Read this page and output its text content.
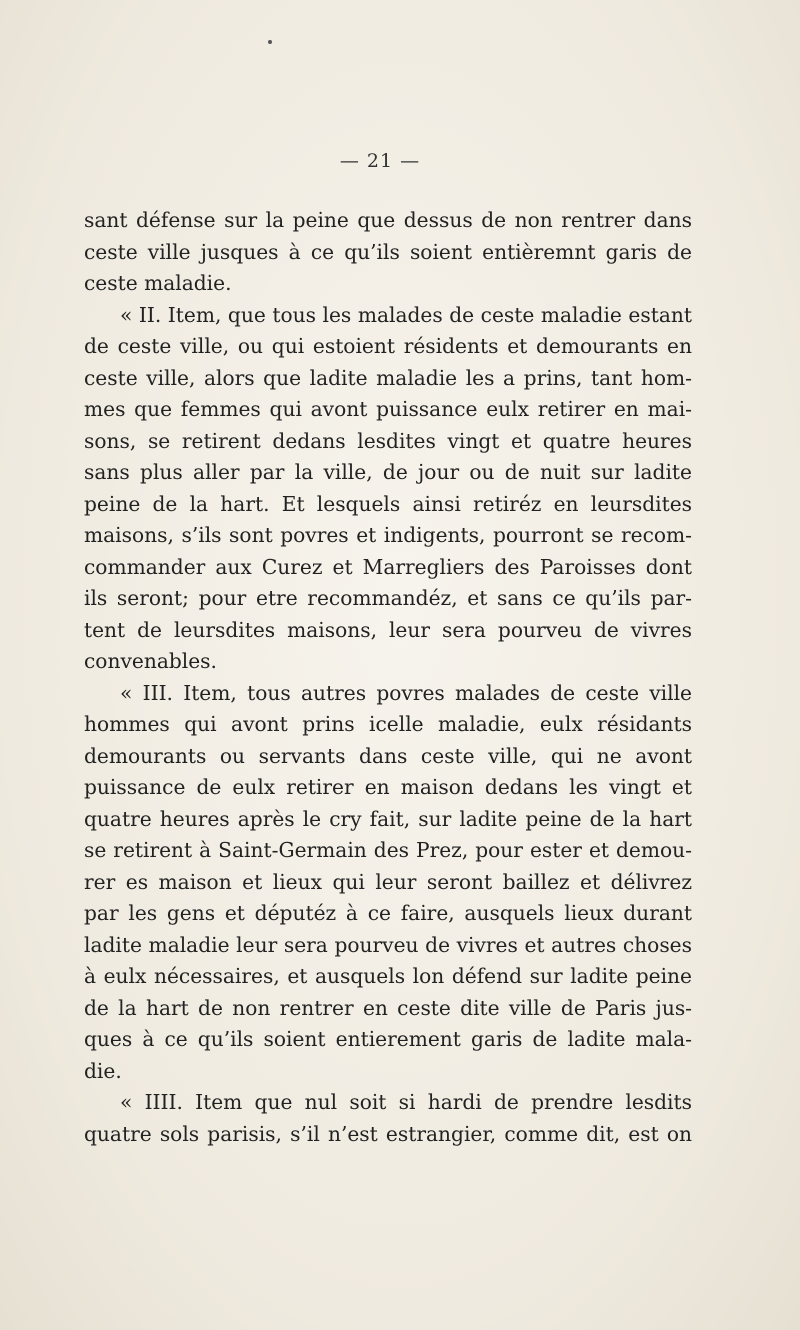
— 21 —
sant défense sur la peine que dessus de non rentrer dans
ceste ville jusques à ce qu’ils soient entièremnt garis de
ceste maladie.
« II. Item, que tous les malades de ceste maladie estant
de ceste ville, ou qui estoient résidents et demourants en
ceste ville, alors que ladite maladie les a prins, tant hom-
mes que femmes qui avont puissance eulx retirer en mai-
sons, se retirent dedans lesdites vingt et quatre heures
sans plus aller par la ville, de jour ou de nuit sur ladite
peine de la hart. Et lesquels ainsi retiréz en leursdites
maisons, s’ils sont povres et indigents, pourront se recom-
commander aux Curez et Marregliers des Paroisses dont
ils seront; pour etre recommandéz, et sans ce qu’ils par-
tent de leursdites maisons, leur sera pourveu de vivres
convenables.
« III. Item, tous autres povres malades de ceste ville
hommes qui avont prins icelle maladie, eulx résidants
demourants ou servants dans ceste ville, qui ne avont
puissance de eulx retirer en maison dedans les vingt et
quatre heures après le cry fait, sur ladite peine de la hart
se retirent à Saint-Germain des Prez, pour ester et demou-
rer es maison et lieux qui leur seront baillez et délivrez
par les gens et députéz à ce faire, ausquels lieux durant
ladite maladie leur sera pourveu de vivres et autres choses
à eulx nécessaires, et ausquels lon défend sur ladite peine
de la hart de non rentrer en ceste dite ville de Paris jus-
ques à ce qu’ils soient entierement garis de ladite mala-
die.
« IIII. Item que nul soit si hardi de prendre lesdits
quatre sols parisis, s’il n’est estrangier, comme dit, est on
